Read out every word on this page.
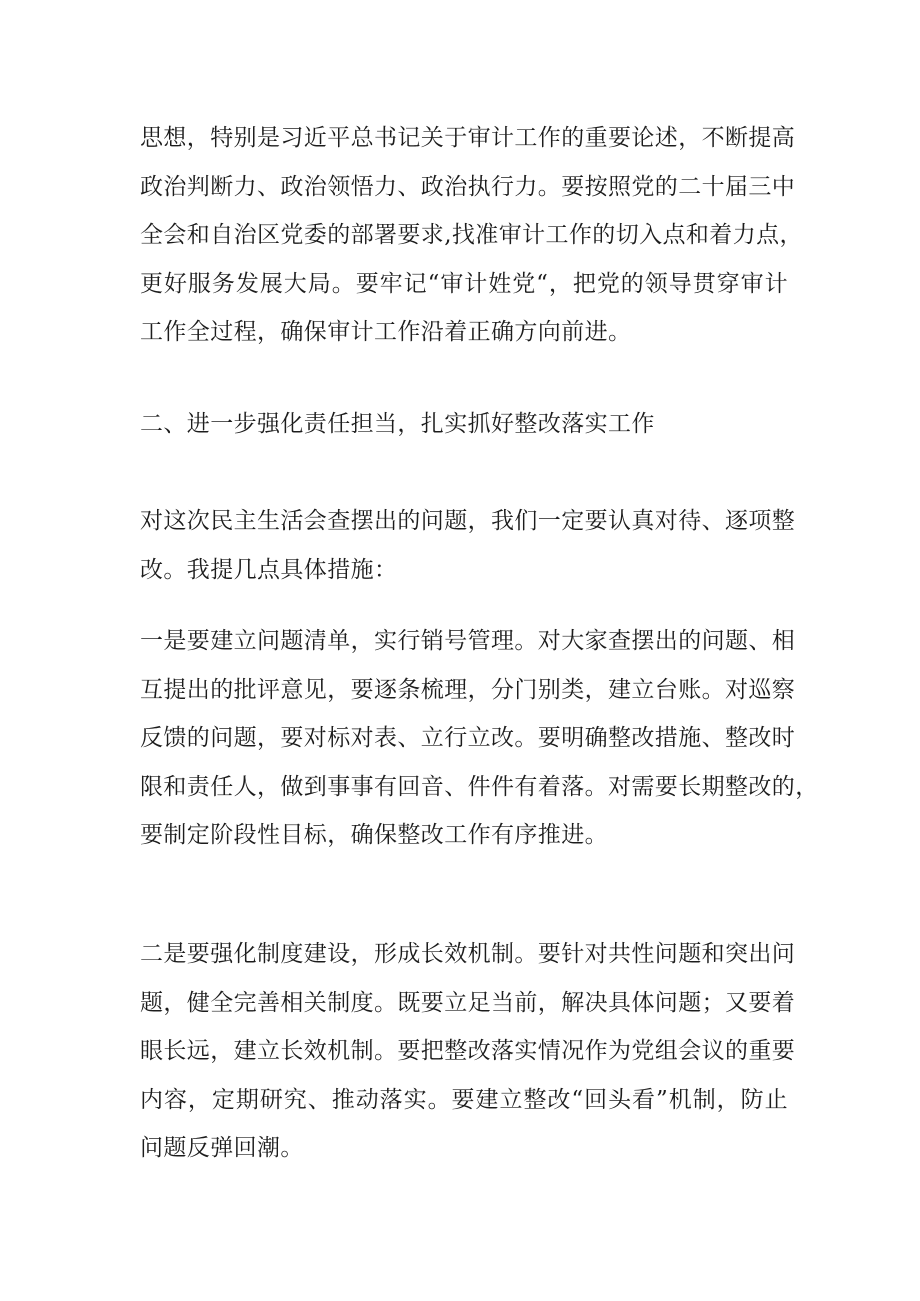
思想，特别是习近平总书记关于审计工作的重要论述，不断提高
政治判断力、政治领悟力、政治执行力。要按照党的二十届三中
全会和自治区党委的部署要求,找准审计工作的切入点和着力点，
更好服务发展大局。要牢记“审计姓党“，把党的领导贯穿审计
工作全过程，确保审计工作沿着正确方向前进。
二、进一步强化责任担当，扎实抓好整改落实工作
对这次民主生活会查摆出的问题，我们一定要认真对待、逐项整
改。我提几点具体措施：
一是要建立问题清单，实行销号管理。对大家查摆出的问题、相
互提出的批评意见，要逐条梳理，分门别类，建立台账。对巡察
反馈的问题，要对标对表、立行立改。要明确整改措施、整改时
限和责任人，做到事事有回音、件件有着落。对需要长期整改的，
要制定阶段性目标，确保整改工作有序推进。
二是要强化制度建设，形成长效机制。要针对共性问题和突出问
题，健全完善相关制度。既要立足当前，解决具体问题；又要着
眼长远，建立长效机制。要把整改落实情况作为党组会议的重要
内容，定期研究、推动落实。要建立整改“回头看”机制，防止
问题反弹回潮。
